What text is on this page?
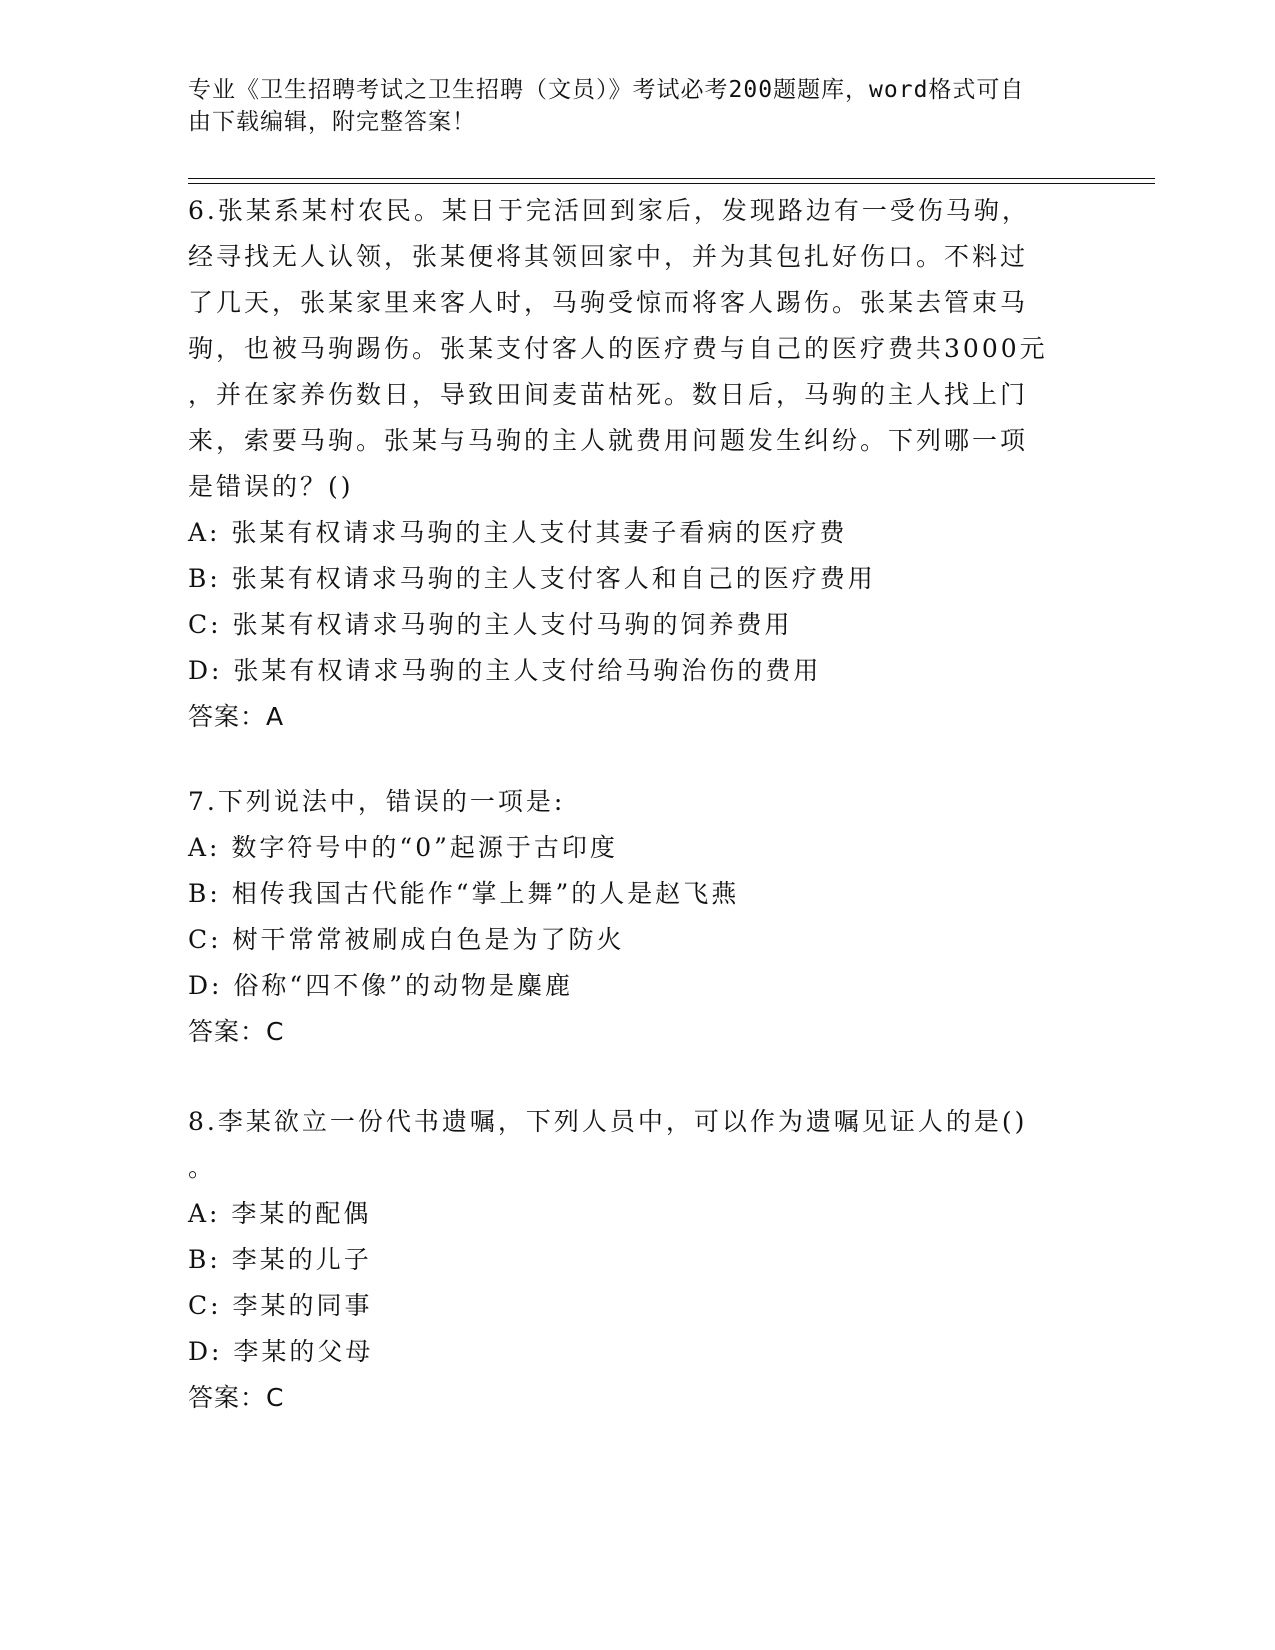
专业《卫生招聘考试之卫生招聘（文员）》考试必考200题题库，word格式可自
由下载编辑，附完整答案！
6.张某系某村农民。某日于完活回到家后，发现路边有一受伤马驹，
经寻找无人认领，张某便将其领回家中，并为其包扎好伤口。不料过
了几天，张某家里来客人时，马驹受惊而将客人踢伤。张某去管束马
驹，也被马驹踢伤。张某支付客人的医疗费与自己的医疗费共3000元
，并在家养伤数日，导致田间麦苗枯死。数日后，马驹的主人找上门
来，索要马驹。张某与马驹的主人就费用问题发生纠纷。下列哪一项
是错误的？()
A: 张某有权请求马驹的主人支付其妻子看病的医疗费
B: 张某有权请求马驹的主人支付客人和自己的医疗费用
C: 张某有权请求马驹的主人支付马驹的饲养费用
D: 张某有权请求马驹的主人支付给马驹治伤的费用
答案：A
7.下列说法中，错误的一项是:
A: 数字符号中的“0”起源于古印度
B: 相传我国古代能作“掌上舞”的人是赵飞燕
C: 树干常常被刷成白色是为了防火
D: 俗称“四不像”的动物是麋鹿
答案：C
8.李某欲立一份代书遗嘱，下列人员中，可以作为遗嘱见证人的是()
。
A: 李某的配偶
B: 李某的儿子
C: 李某的同事
D: 李某的父母
答案：C
